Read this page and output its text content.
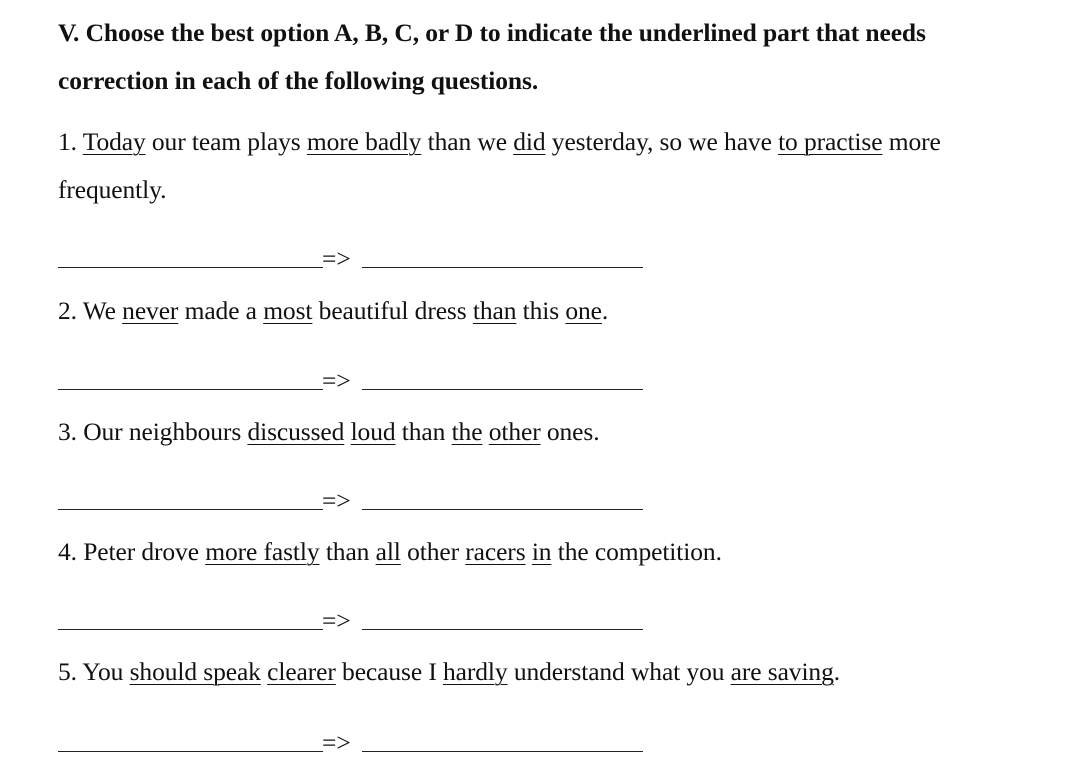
V. Choose the best option A, B, C, or D to indicate the underlined part that needs
correction in each of the following questions.
1. Today our team plays more badly than we did yesterday, so we have to practise more
frequently.
=>
2. We never made a most beautiful dress than this one.
=>
3. Our neighbours discussed loud than the other ones.
=>
4. Peter drove more fastly than all other racers in the competition.
=>
5. You should speak clearer because I hardly understand what you are saving.
=>
